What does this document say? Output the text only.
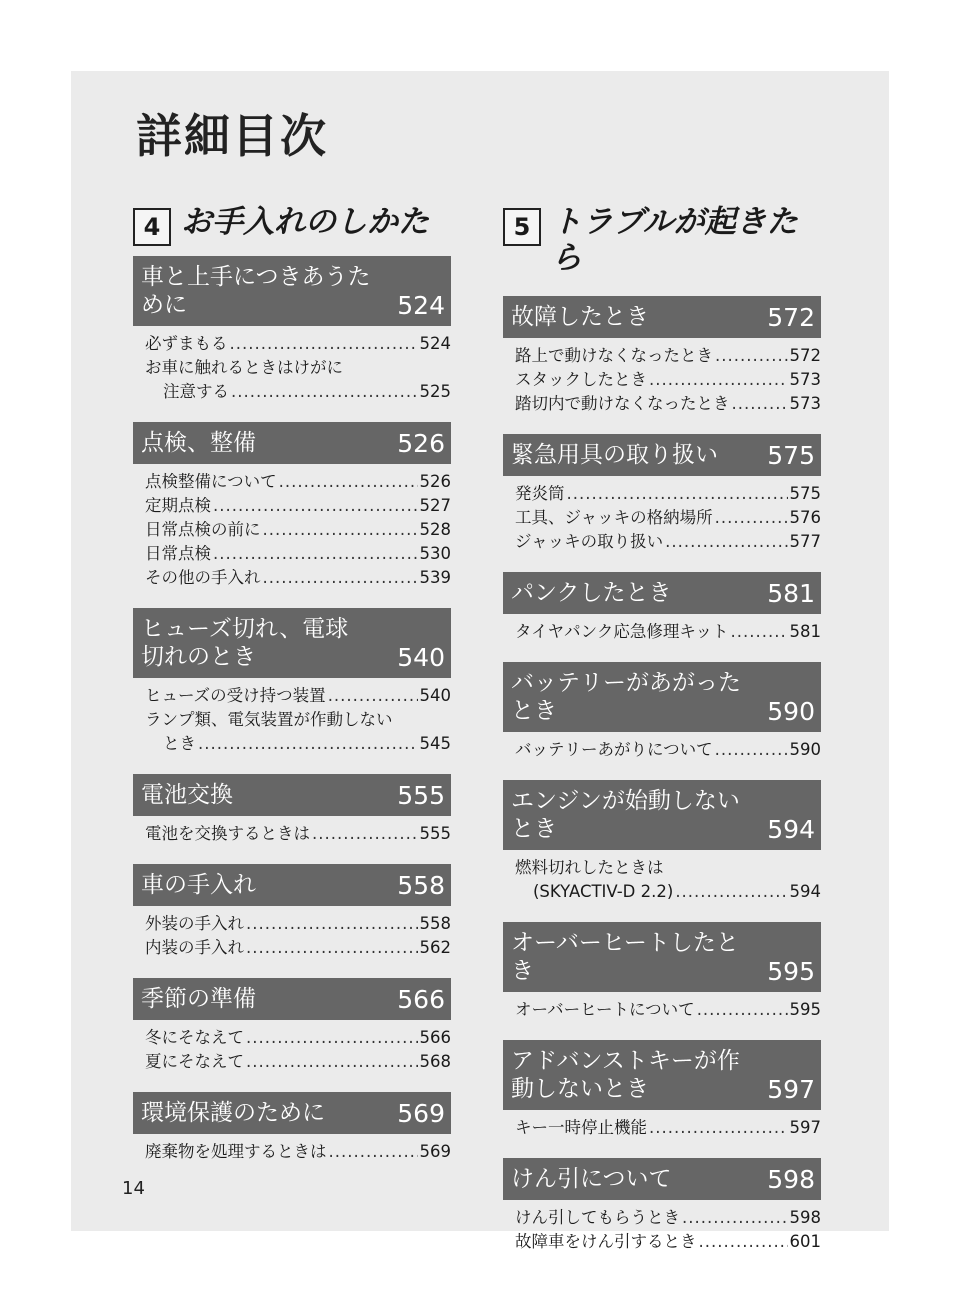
詳細目次
4 お手入れのしかた
車と上手につきあうために	524
必ずまもる .....	524
お車に触れるときはけがに
注意する .....	525
点検、整備	526
点検整備について .....	526
定期点検 .....	527
日常点検の前に .....	528
日常点検 .....	530
その他の手入れ .....	539
ヒューズ切れ、電球切れのとき	540
ヒューズの受け持つ装置 .....	540
ランプ類、電気装置が作動しない
とき .....	545
電池交換	555
電池を交換するときは .....	555
車の手入れ	558
外装の手入れ .....	558
内装の手入れ .....	562
季節の準備	566
冬にそなえて .....	566
夏にそなえて .....	568
環境保護のために	569
廃棄物を処理するときは .....	569
5 トラブルが起きたら
故障したとき	572
路上で動けなくなったとき .....	572
スタックしたとき .....	573
踏切内で動けなくなったとき .....	573
緊急用具の取り扱い	575
発炎筒 .....	575
工具、ジャッキの格納場所 .....	576
ジャッキの取り扱い .....	577
パンクしたとき	581
タイヤパンク応急修理キット .....	581
バッテリーがあがったとき	590
バッテリーあがりについて .....	590
エンジンが始動しないとき	594
燃料切れしたときは
(SKYACTIV-D 2.2) .....	594
オーバーヒートしたとき	595
オーバーヒートについて .....	595
アドバンストキーが作動しないとき	597
キー一時停止機能 .....	597
けん引について	598
けん引してもらうとき .....	598
故障車をけん引するとき .....	601
14
